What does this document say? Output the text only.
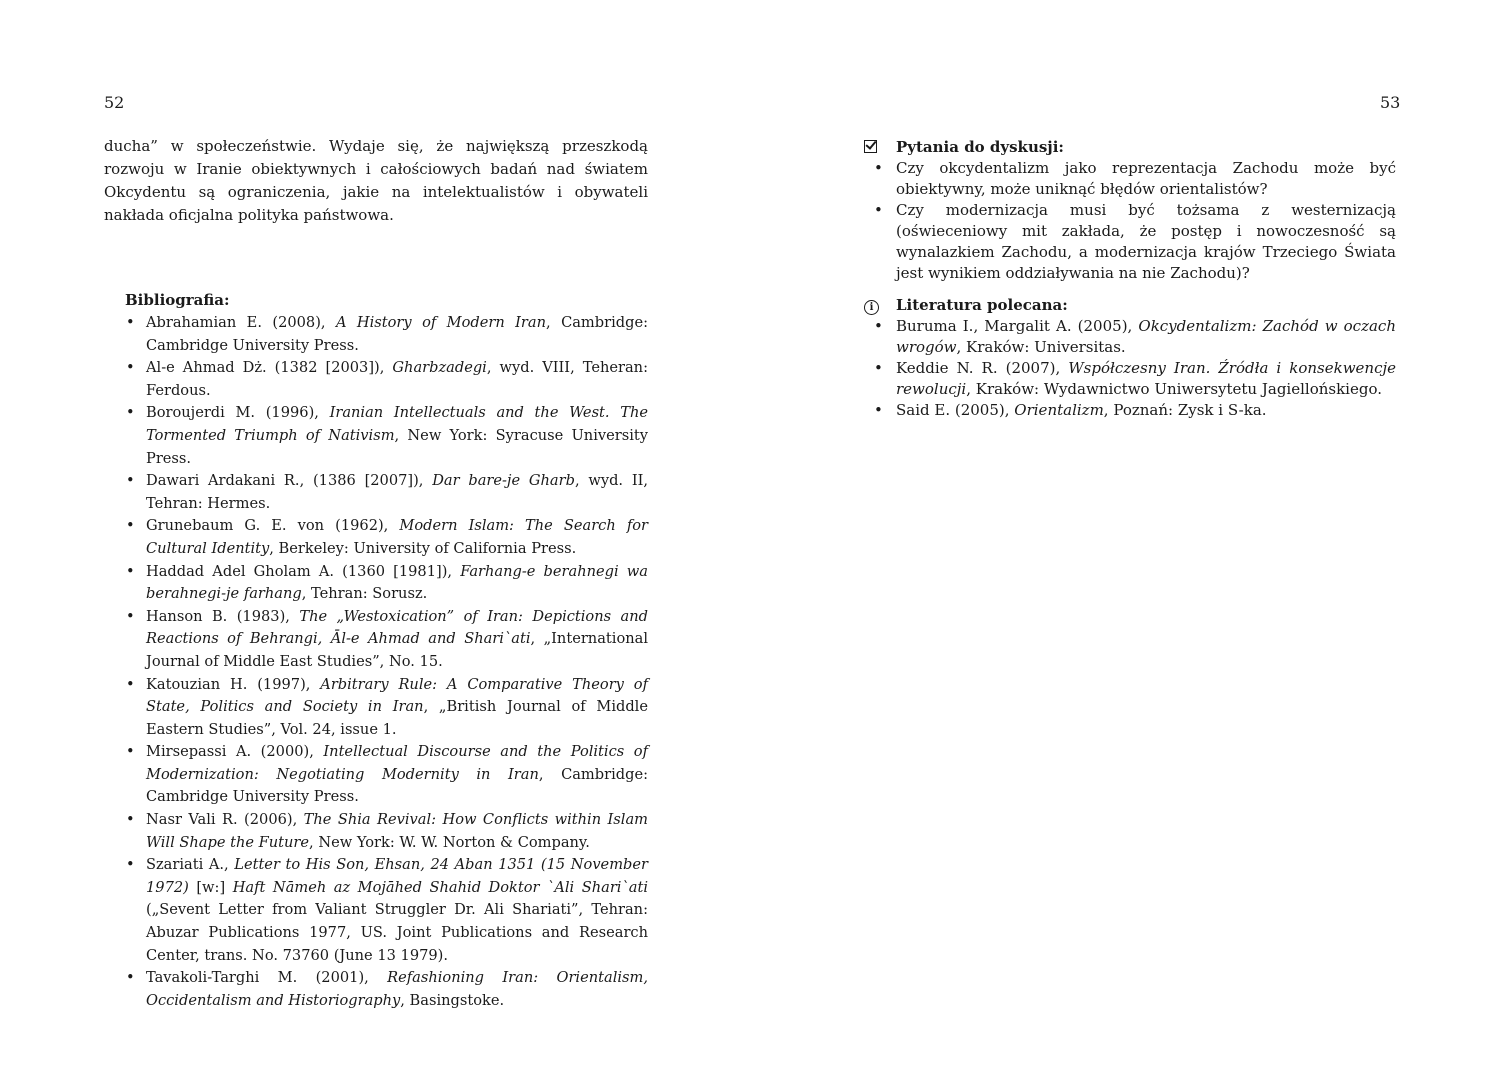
52

ducha” w społeczeństwie. Wydaje się, że największą przeszkodą rozwoju w Iranie obiektywnych i całościowych badań nad światem Okcydentu są ograniczenia, jakie na intelektualistów i obywateli nakłada oficjalna polityka państwowa.

Bibliografia:
• Abrahamian E. (2008), A History of Modern Iran, Cambridge: Cambridge University Press.
• Al-e Ahmad Dż. (1382 [2003]), Gharbzadegi, wyd. VIII, Teheran: Ferdous.
• Boroujerdi M. (1996), Iranian Intellectuals and the West. The Tormented Triumph of Nativism, New York: Syracuse University Press.
• Dawari Ardakani R., (1386 [2007]), Dar bare-je Gharb, wyd. II, Tehran: Hermes.
• Grunebaum G. E. von (1962), Modern Islam: The Search for Cultural Identity, Berkeley: University of California Press.
• Haddad Adel Gholam A. (1360 [1981]), Farhang-e berahnegi wa berahnegi-je farhang, Tehran: Sorusz.
• Hanson B. (1983), The „Westoxication” of Iran: Depictions and Reactions of Behrangi, Āl-e Ahmad and Shari`ati, „International Journal of Middle East Studies”, No. 15.
• Katouzian H. (1997), Arbitrary Rule: A Comparative Theory of State, Politics and Society in Iran, „British Journal of Middle Eastern Studies”, Vol. 24, issue 1.
• Mirsepassi A. (2000), Intellectual Discourse and the Politics of Modernization: Negotiating Modernity in Iran, Cambridge: Cambridge University Press.
• Nasr Vali R. (2006), The Shia Revival: How Conflicts within Islam Will Shape the Future, New York: W. W. Norton & Company.
• Szariati A., Letter to His Son, Ehsan, 24 Aban 1351 (15 November 1972) [w:] Haft Nāmeh az Mojāhed Shahid Doktor `Ali Shari`ati („Sevent Letter from Valiant Struggler Dr. Ali Shariati”, Tehran: Abuzar Publications 1977, US. Joint Publications and Research Center, trans. No. 73760 (June 13 1979).
• Tavakoli-Targhi M. (2001), Refashioning Iran: Orientalism, Occidentalism and Historiography, Basingstoke.
53
Pytania do dyskusji:
• Czy okcydentalizm jako reprezentacja Zachodu może być obiektywny, może uniknąć błędów orientalistów?
• Czy modernizacja musi być tożsama z westernizacją (oświeceniowy mit zakłada, że postęp i nowoczesność są wynalazkiem Zachodu, a modernizacja krajów Trzeciego Świata jest wynikiem oddziaływania na nie Zachodu)?
i	Literatura polecana:
• Buruma I., Margalit A. (2005), Okcydentalizm: Zachód w oczach wrogów, Kraków: Universitas.
• Keddie N. R. (2007), Współczesny Iran. Źródła i konsekwencje rewolucji, Kraków: Wydawnictwo Uniwersytetu Jagiellońskiego.
• Said E. (2005), Orientalizm, Poznań: Zysk i S-ka.
